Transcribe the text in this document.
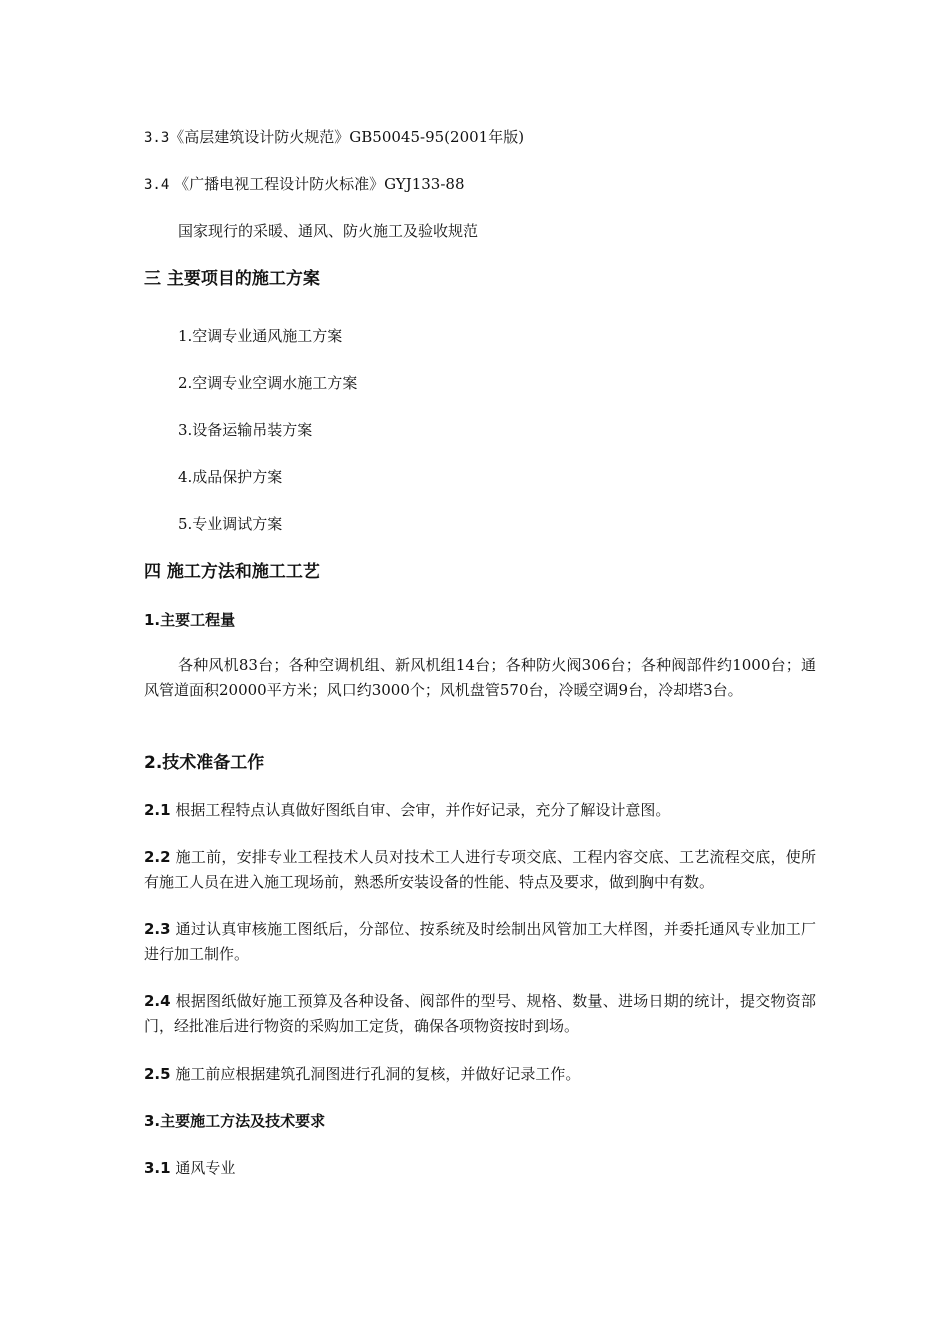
3.3《高层建筑设计防火规范》GB50045-95(2001年版)
3.4 《广播电视工程设计防火标准》GYJ133-88
国家现行的采暖、通风、防火施工及验收规范
三 主要项目的施工方案
1.空调专业通风施工方案
2.空调专业空调水施工方案
3.设备运输吊装方案
4.成品保护方案
5.专业调试方案
四 施工方法和施工工艺
1.主要工程量
各种风机83台；各种空调机组、新风机组14台；各种防火阀306台；各种阀部件约1000台；通风管道面积20000平方米；风口约3000个；风机盘管570台，冷暖空调9台，冷却塔3台。
2.技术准备工作
2.1 根据工程特点认真做好图纸自审、会审，并作好记录，充分了解设计意图。
2.2 施工前，安排专业工程技术人员对技术工人进行专项交底、工程内容交底、工艺流程交底，使所有施工人员在进入施工现场前，熟悉所安装设备的性能、特点及要求，做到胸中有数。
2.3 通过认真审核施工图纸后，分部位、按系统及时绘制出风管加工大样图，并委托通风专业加工厂进行加工制作。
2.4 根据图纸做好施工预算及各种设备、阀部件的型号、规格、数量、进场日期的统计，提交物资部门，经批准后进行物资的采购加工定货，确保各项物资按时到场。
2.5 施工前应根据建筑孔洞图进行孔洞的复核，并做好记录工作。
3.主要施工方法及技术要求
3.1 通风专业
